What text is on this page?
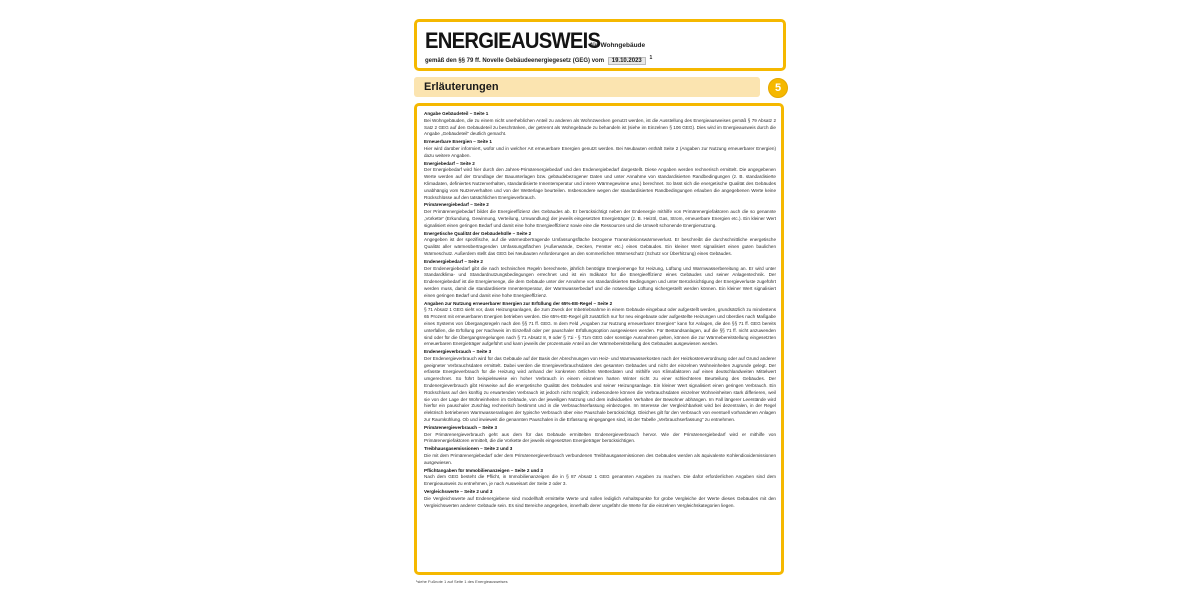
ENERGIEAUSWEIS
für Wohngebäude
gemäß den §§ 79 ff. Novelle Gebäudeenergiegesetz (GEG) vom 19.10.2023 $^1$
Erläuterungen	5
Angabe Gebäudeteil – Seite 1
Bei Wohngebäuden, die zu einem nicht unerheblichen Anteil zu anderen als Wohnzwecken genutzt werden, ist die Ausstellung des Energieausweises gemäß § 79 Absatz 2 Satz 2 GEG auf den Gebäudeteil zu beschränken, der getrennt als Wohngebäude zu behandeln ist (siehe im Einzelnen § 106 GEG). Dies wird im Energieausweis durch die Angabe „Gebäudeteil“ deutlich gemacht.
Erneuerbare Energien – Seite 1
Hier wird darüber informiert, wofür und in welcher Art erneuerbare Energien genutzt werden. Bei Neubauten enthält Seite 2 (Angaben zur Nutzung erneuerbarer Energien) dazu weitere Angaben.
Energiebedarf – Seite 2
Der Energiebedarf wird hier durch den Jahres-Primärenergiebedarf und den Endenergiebedarf dargestellt. Diese Angaben werden rechnerisch ermittelt. Die angegebenen Werte werden auf der Grundlage der Bauunterlagen bzw. gebäudebezogener Daten und unter Annahme von standardisierten Randbedingungen (z. B. standardisierte Klimadaten, definiertes Nutzerverhalten, standardisierte Innentemperatur und innere Wärmegewinne usw.) berechnet. So lässt sich die energetische Qualität des Gebäudes unabhängig vom Nutzerverhalten und von der Wetterlage beurteilen. Insbesondere wegen der standardisierten Randbedingungen erlauben die angegebenen Werte keine Rückschlüsse auf den tatsächlichen Energieverbrauch.
Primärenergiebedarf – Seite 2
Der Primärenergiebedarf bildet die Energieeffizienz des Gebäudes ab. Er berücksichtigt neben der Endenergie mithilfe von Primärenergiefaktoren auch die so genannte „Vorkette“ (Erkundung, Gewinnung, Verteilung, Umwandlung) der jeweils eingesetzten Energieträger (z. B. Heizöl, Gas, Strom, erneuerbare Energien etc.). Ein kleiner Wert signalisiert einen geringen Bedarf und damit eine hohe Energieeffizienz sowie eine die Ressourcen und die Umwelt schonende Energienutzung.
Energetische Qualität der Gebäudehülle – Seite 2
Angegeben ist der spezifische, auf die wärmeübertragende Umfassungsfläche bezogene Transmissionswärmeverlust. Er beschreibt die durchschnittliche energetische Qualität aller wärmeübertragenden Umfassungsflächen (Außenwände, Decken, Fenster etc.) eines Gebäudes. Ein kleiner Wert signalisiert einen guten baulichen Wärmeschutz. Außerdem stellt das GEG bei Neubauten Anforderungen an den sommerlichen Wärmeschutz (Schutz vor Überhitzung) eines Gebäudes.
Endenergiebedarf – Seite 2
Der Endenergiebedarf gibt die nach technischen Regeln berechnete, jährlich benötigte Energiemenge für Heizung, Lüftung und Warmwasserbereitung an. Er wird unter Standardklima- und Standardnutzungsbedingungen errechnet und ist ein Indikator für die Energieeffizienz eines Gebäudes und seiner Anlagentechnik. Der Endenergiebedarf ist die Energiemenge, die dem Gebäude unter der Annahme von standardisierten Bedingungen und unter Berücksichtigung der Energieverluste zugeführt werden muss, damit die standardisierte Innentemperatur, der Warmwasserbedarf und die notwendige Lüftung sichergestellt werden können. Ein kleiner Wert signalisiert einen geringen Bedarf und damit eine hohe Energieeffizienz.
Angaben zur Nutzung erneuerbarer Energien zur Erfüllung der 65%-EE-Regel – Seite 2
§ 71 Absatz 1 GEG sieht vor, dass Heizungsanlagen, die zum Zweck der Inbetriebnahme in einem Gebäude eingebaut oder aufgestellt werden, grundsätzlich zu mindestens 65 Prozent mit erneuerbaren Energien betrieben werden. Die 65%-EE-Regel gilt zusätzlich nur für neu eingebaute oder aufgestellte Heizungen und überdies nach Maßgabe eines Systems von Übergangsregeln nach den §§ 71 ff. GEG. In dem Feld „Angaben zur Nutzung erneuerbarer Energien“ kann für Anlagen, die den §§ 71 ff. GEG bereits unterfallen, die Erfüllung per Nachweis im Einzelfall oder per pauschaler Erfüllungsoption ausgewiesen werden. Für Bestandsanlagen, auf die §§ 71 ff. nicht anzuwenden sind oder für die Übergangsregelungen nach § 71 Absatz 8, 9 oder § 71i - § 71m GEG oder sonstige Ausnahmen gelten, können die zur Wärmebereitstellung eingesetzten erneuerbaren Energieträger aufgeführt und kann jeweils der prozentuale Anteil an der Wärmebereitstellung des Gebäudes ausgewiesen werden.
Endenergieverbrauch – Seite 3
Der Endenergieverbrauch wird für das Gebäude auf der Basis der Abrechnungen von Heiz- und Warmwasserkosten nach der Heizkostenverordnung oder auf Grund anderer geeigneter Verbrauchsdaten ermittelt. Dabei werden die Energieverbrauchsdaten des gesamten Gebäudes und nicht der einzelnen Wohneinheiten zugrunde gelegt. Der erfasste Energieverbrauch für die Heizung wird anhand der konkreten örtlichen Wetterdaten und mithilfe von Klimafaktoren auf einen deutschlandweiten Mittelwert umgerechnet. So führt beispielsweise ein hoher Verbrauch in einem einzelnen harten Winter nicht zu einer schlechteren Beurteilung des Gebäudes. Der Endenergieverbrauch gibt Hinweise auf die energetische Qualität des Gebäudes und seiner Heizungsanlage. Ein kleiner Wert signalisiert einen geringen Verbrauch. Ein Rückschluss auf den künftig zu erwartenden Verbrauch ist jedoch nicht möglich; insbesondere können die Verbrauchsdaten einzelner Wohneinheiten stark differieren, weil sie von der Lage der Wohneinheiten im Gebäude, von der jeweiligen Nutzung und dem individuellen Verhalten der Bewohner abhängen. Im Fall längerer Leerstände wird hierfür ein pauschaler Zuschlag rechnerisch bestimmt und in die Verbrauchserfassung einbezogen. Im Interesse der Vergleichbarkeit wird bei dezentralen, in der Regel elektrisch betriebenen Warmwasseranlagen der typische Verbrauch über eine Pauschale berücksichtigt. Gleiches gilt für den Verbrauch von eventuell vorhandenen Anlagen zur Raumkühlung. Ob und inwieweit die genannten Pauschalen in die Erfassung eingegangen sind, ist der Tabelle „Verbrauchserfassung“ zu entnehmen.
Primärenergieverbrauch – Seite 3
Der Primärenergieverbrauch geht aus dem für das Gebäude ermittelten Endenergieverbrauch hervor. Wie der Primärenergiebedarf wird er mithilfe von Primärenergiefaktoren ermittelt, die die Vorkette der jeweils eingesetzten Energieträger berücksichtigen.
Treibhausgasemissionen – Seite 2 und 3
Die mit dem Primärenergiebedarf oder dem Primärenergieverbrauch verbundenen Treibhausgasemissionen des Gebäudes werden als äquivalente Kohlendioxidemissionen ausgewiesen.
Pflichtangaben für Immobilienanzeigen – Seite 2 und 3
Nach dem GEG besteht die Pflicht, in Immobilienanzeigen die in § 87 Absatz 1 GEG genannten Angaben zu machen. Die dafür erforderlichen Angaben sind dem Energieausweis zu entnehmen, je nach Ausweisart der Seite 2 oder 3.
Vergleichswerte – Seite 2 und 3
Die Vergleichswerte auf Endenergiebene sind modellhaft ermittelte Werte und sollen lediglich Anhaltspunkte für grobe Vergleiche der Werte dieses Gebäudes mit den Vergleichswerten anderer Gebäude sein. Es sind Bereiche angegeben, innerhalb derer ungefähr die Werte für die einzelnen Vergleichskategorien liegen.
¹siehe Fußnote 1 auf Seite 1 des Energieausweises
